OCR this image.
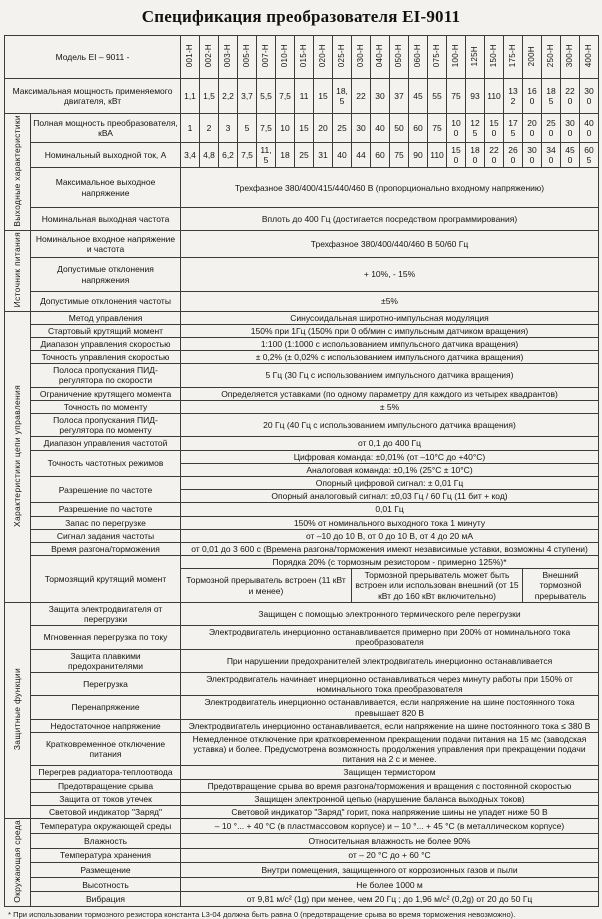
Спецификация преобразователя EI-9011
Модель EI – 9011 -		001-H	002-H	003-H	005-H	007-H	010-H	015-H	020-H	025-H	030-H	040-H	050-H	060-H	075-H	100-H	125H	150-H	175-H	200H	250-H	300-H	400-H
Максимальная мощность применяемого двигателя, кВт		1,1	1,5	2,2	3,7	5,5	7,5	11	15	18,5	22	30	37	45	55	75	93	110	132	160	185	220	300
Выходные характеристики	Полная мощность преобразователя, кВА	1	2	3	5	7,5	10	15	20	25	30	40	50	60	75	100	125	150	175	200	250	300	400
	Номинальный выходной ток, А	3,4	4,8	6,2	7,5	11,5	18	25	31	40	44	60	75	90	110	150	180	220	260	300	340	450	605
	Максимальное выходное напряжение	Трехфазное 380/400/415/440/460 В (пропорционально входному напряжению)																					
	Номинальная выходная частота	Вплоть до 400 Гц (достигается посредством программирования)																					
Источник питания	Номинальное входное напряжение и частота	Трехфазное 380/400/440/460 В 50/60 Гц																					
	Допустимые отклонения напряжения	+ 10%, - 15%																					
	Допустимые отклонения частоты	±5%																					
Характеристики цепи управления	Метод управления	Синусоидальная широтно-импульсная модуляция																					
	Стартовый крутящий момент	150% при 1Гц (150% при 0 об/мин с импульсным датчиком вращения)																					
	Диапазон управления скоростью	1:100 (1:1000 с использованием импульсного датчика вращения)																					
	Точность управления скоростью	± 0,2% (± 0,02% с использованием импульсного датчика вращения)																					
	Полоса пропускания ПИД-регулятора по скорости	5 Гц (30 Гц с использованием импульсного датчика вращения)																					
	Ограничение крутящего момента	Определяется уставками (по одному параметру для каждого из четырех квадрантов)																					
	Точность по моменту	± 5%																					
	Полоса пропускания ПИД-регулятора по моменту	20 Гц (40 Гц с использованием импульсного датчика вращения)																					
	Диапазон управления частотой	от 0,1 до 400 Гц																					
	Точность частотных режимов	Цифровая команда: ±0,01% (от –10°С до +40°С)																					
		Аналоговая команда: ±0,1% (25°С ± 10°С)																					
	Разрешение по частоте	Опорный цифровой сигнал: ± 0,01 Гц																					
		Опорный аналоговый сигнал: ±0,03 Гц / 60 Гц (11 бит + код)																					
	Разрешение по частоте	0,01 Гц																					
	Запас по перегрузке	150% от номинального выходного тока 1 минуту																					
	Сигнал задания частоты	от –10 до 10 В, от 0 до 10 В, от 4 до 20 мА																					
	Время разгона/торможения	от 0,01 до 3 600 с (Времена разгона/торможения имеют независимые уставки, возможны 4 ступени)																					
	Тормозящий крутящий момент	Порядка 20% (с тормозным резистором - примерно 125%)*																					
		Тормозной прерыватель встроен (11 кВт и менее)									Тормозной прерыватель может быть встроен или использован внешний (от 15 кВт до 160 кВт включительно)									Внешний тормозной прерыватель			
Защитные функции	Защита электродвигателя от перегрузки	Защищен с помощью электронного термического реле перегрузки																					
	Мгновенная перегрузка по току	Электродвигатель инерционно останавливается примерно при 200% от номинального тока преобразователя																					
	Защита плавкими предохранителями	При нарушении предохранителей электродвигатель инерционно останавливается																					
	Перегрузка	Электродвигатель начинает инерционно останавливаться через минуту работы при 150% от номинального тока преобразователя																					
	Перенапряжение	Электродвигатель инерционно останавливается, если напряжение на шине постоянного тока превышает 820 В																					
	Недостаточное напряжение	Электродвигатель инерционно останавливается, если напряжение на шине постоянного тока ≤ 380 В																					
	Кратковременное отключение питания	Немедленное отключение при кратковременном прекращении подачи питания на 15 мс (заводская уставка) и более. Предусмотрена возможность продолжения управления при прекращении подачи питания на 2 с и менее.																					
	Перегрев радиатора-теплоотвода	Защищен термистором																					
	Предотвращение срыва	Предотвращение срыва во время разгона/торможения и вращения с постоянной скоростью																					
	Защита от токов утечек	Защищен электронной цепью (нарушение баланса выходных токов)																					
	Световой индикатор "Заряд"	Световой индикатор "Заряд" горит, пока напряжение шины не упадет ниже 50 В																					
Окружающая среда	Температура окружающей среды	– 10 °... + 40 °C (в пластмассовом корпусе) и – 10 °... + 45 °C (в металлическом корпусе)																					
	Влажность	Относительная влажность не более 90%																					
	Температура хранения	от – 20 °C до + 60 °C																					
	Размещение	Внутри помещения, защищенного от коррозионных газов и пыли																					
	Высотность	Не более 1000 м																					
	Вибрация	от 9,81 м/с² (1g) при менее, чем 20 Гц ; до 1,96 м/с² (0,2g) от 20 до 50 Гц																					
* При использовании тормозного резистора константа L3-04 должна быть равна 0 (предотвращение срыва во время торможения невозможно).
